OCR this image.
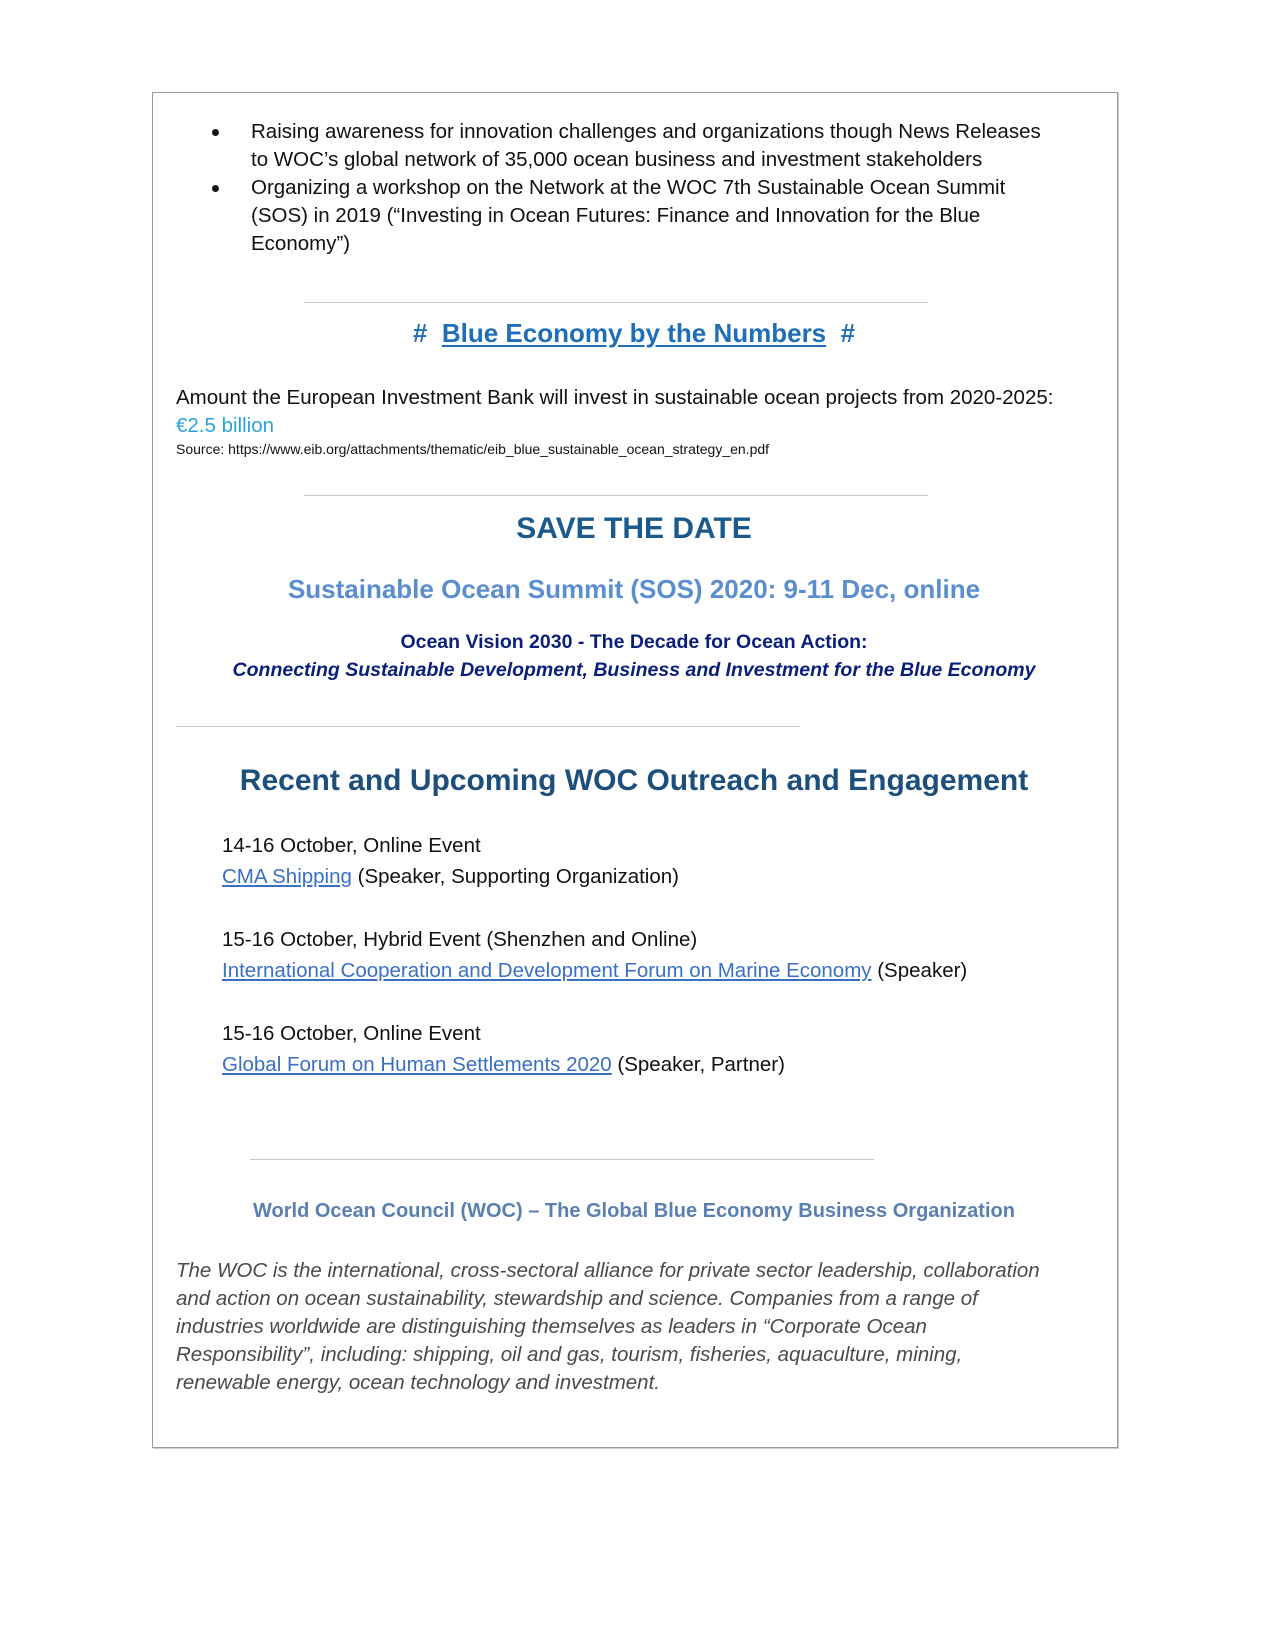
Raising awareness for innovation challenges and organizations though News Releases to WOC’s global network of 35,000 ocean business and investment stakeholders
Organizing a workshop on the Network at the WOC 7th Sustainable Ocean Summit (SOS) in 2019 (“Investing in Ocean Futures: Finance and Innovation for the Blue Economy”)
# Blue Economy by the Numbers #
Amount the European Investment Bank will invest in sustainable ocean projects from 2020-2025: €2.5 billion
Source: https://www.eib.org/attachments/thematic/eib_blue_sustainable_ocean_strategy_en.pdf
SAVE THE DATE
Sustainable Ocean Summit (SOS) 2020: 9-11 Dec, online
Ocean Vision 2030 - The Decade for Ocean Action:
Connecting Sustainable Development, Business and Investment for the Blue Economy
Recent and Upcoming WOC Outreach and Engagement
14-16 October, Online Event
CMA Shipping (Speaker, Supporting Organization)
15-16 October, Hybrid Event (Shenzhen and Online)
International Cooperation and Development Forum on Marine Economy (Speaker)
15-16 October, Online Event
Global Forum on Human Settlements 2020 (Speaker, Partner)
World Ocean Council (WOC) – The Global Blue Economy Business Organization
The WOC is the international, cross-sectoral alliance for private sector leadership, collaboration and action on ocean sustainability, stewardship and science. Companies from a range of industries worldwide are distinguishing themselves as leaders in “Corporate Ocean Responsibility”, including: shipping, oil and gas, tourism, fisheries, aquaculture, mining, renewable energy, ocean technology and investment.
